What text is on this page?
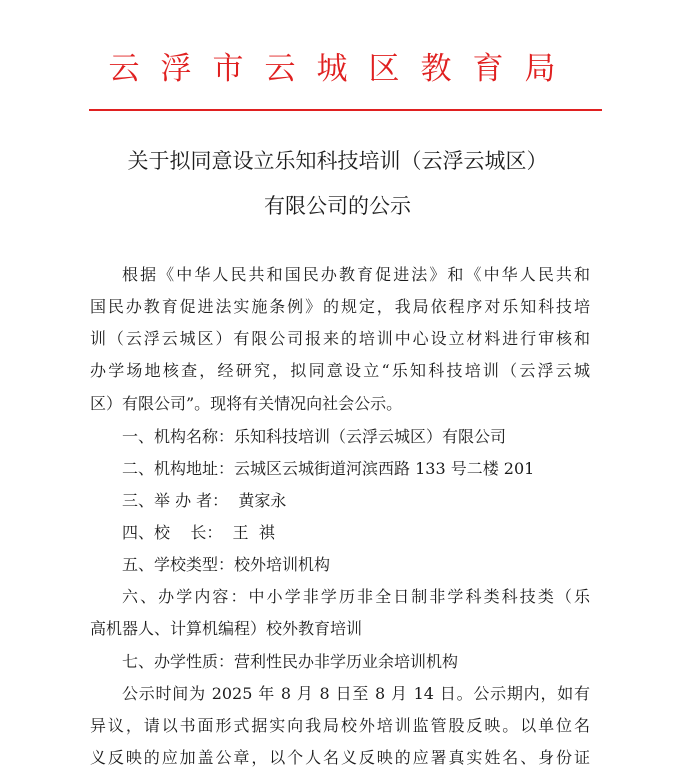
云浮市云城区教育局
关于拟同意设立乐知科技培训（云浮云城区）
有限公司的公示
根据《中华人民共和国民办教育促进法》和《中华人民共和
国民办教育促进法实施条例》的规定，我局依程序对乐知科技培
训（云浮云城区）有限公司报来的培训中心设立材料进行审核和
办学场地核查，经研究，拟同意设立“乐知科技培训（云浮云城
区）有限公司”。现将有关情况向社会公示。
一、机构名称：乐知科技培训（云浮云城区）有限公司
二、机构地址：云城区云城街道河滨西路 133 号二楼 201
三、举 办 者：  黄家永
四、校    长：  王  祺
五、学校类型：校外培训机构
六、办学内容：中小学非学历非全日制非学科类科技类（乐
高机器人、计算机编程）校外教育培训
七、办学性质：营利性民办非学历业余培训机构
公示时间为 2025 年 8 月 8 日至 8 月 14 日。公示期内，如有
异议，请以书面形式据实向我局校外培训监管股反映。以单位名
义反映的应加盖公章，以个人名义反映的应署真实姓名、身份证
